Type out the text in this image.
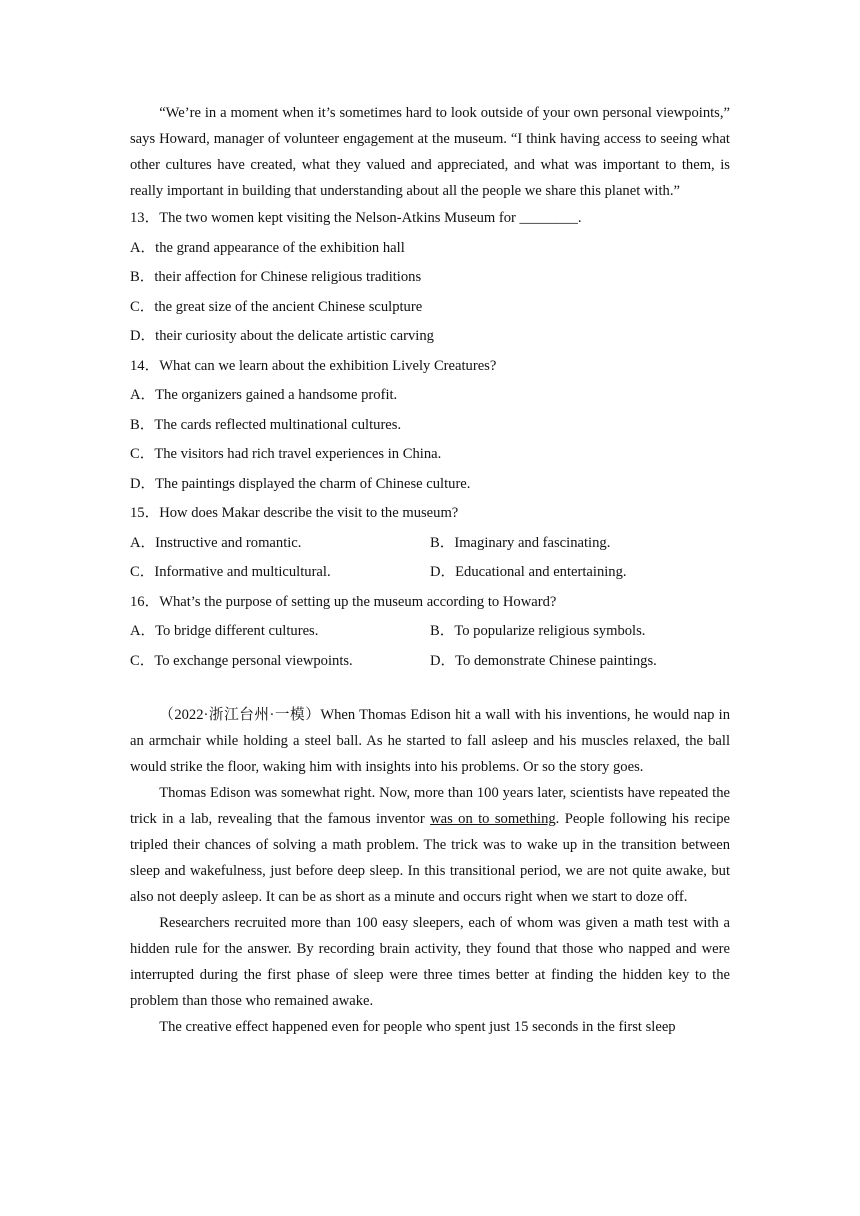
“We’re in a moment when it’s sometimes hard to look outside of your own personal viewpoints,” says Howard, manager of volunteer engagement at the museum. “I think having access to seeing what other cultures have created, what they valued and appreciated, and what was important to them, is really important in building that understanding about all the people we share this planet with.”

13．The two women kept visiting the Nelson-Atkins Museum for ________.

A．the grand appearance of the exhibition hall

B．their affection for Chinese religious traditions

C．the great size of the ancient Chinese sculpture

D．their curiosity about the delicate artistic carving

14．What can we learn about the exhibition Lively Creatures?

A．The organizers gained a handsome profit.

B．The cards reflected multinational cultures.

C．The visitors had rich travel experiences in China.

D．The paintings displayed the charm of Chinese culture.

15．How does Makar describe the visit to the museum?

A．Instructive and romantic.	B．Imaginary and fascinating.
C．Informative and multicultural.	D．Educational and entertaining.

16．What’s the purpose of setting up the museum according to Howard?

A．To bridge different cultures.	B．To popularize religious symbols.
C．To exchange personal viewpoints.	D．To demonstrate Chinese paintings.

（2022·浙江台州·一模）When Thomas Edison hit a wall with his inventions, he would nap in an armchair while holding a steel ball. As he started to fall asleep and his muscles relaxed, the ball would strike the floor, waking him with insights into his problems. Or so the story goes.

Thomas Edison was somewhat right. Now, more than 100 years later, scientists have repeated the trick in a lab, revealing that the famous inventor was on to something. People following his recipe tripled their chances of solving a math problem. The trick was to wake up in the transition between sleep and wakefulness, just before deep sleep. In this transitional period, we are not quite awake, but also not deeply asleep. It can be as short as a minute and occurs right when we start to doze off.

Researchers recruited more than 100 easy sleepers, each of whom was given a math test with a hidden rule for the answer. By recording brain activity, they found that those who napped and were interrupted during the first phase of sleep were three times better at finding the hidden key to the problem than those who remained awake.

The creative effect happened even for people who spent just 15 seconds in the first sleep
